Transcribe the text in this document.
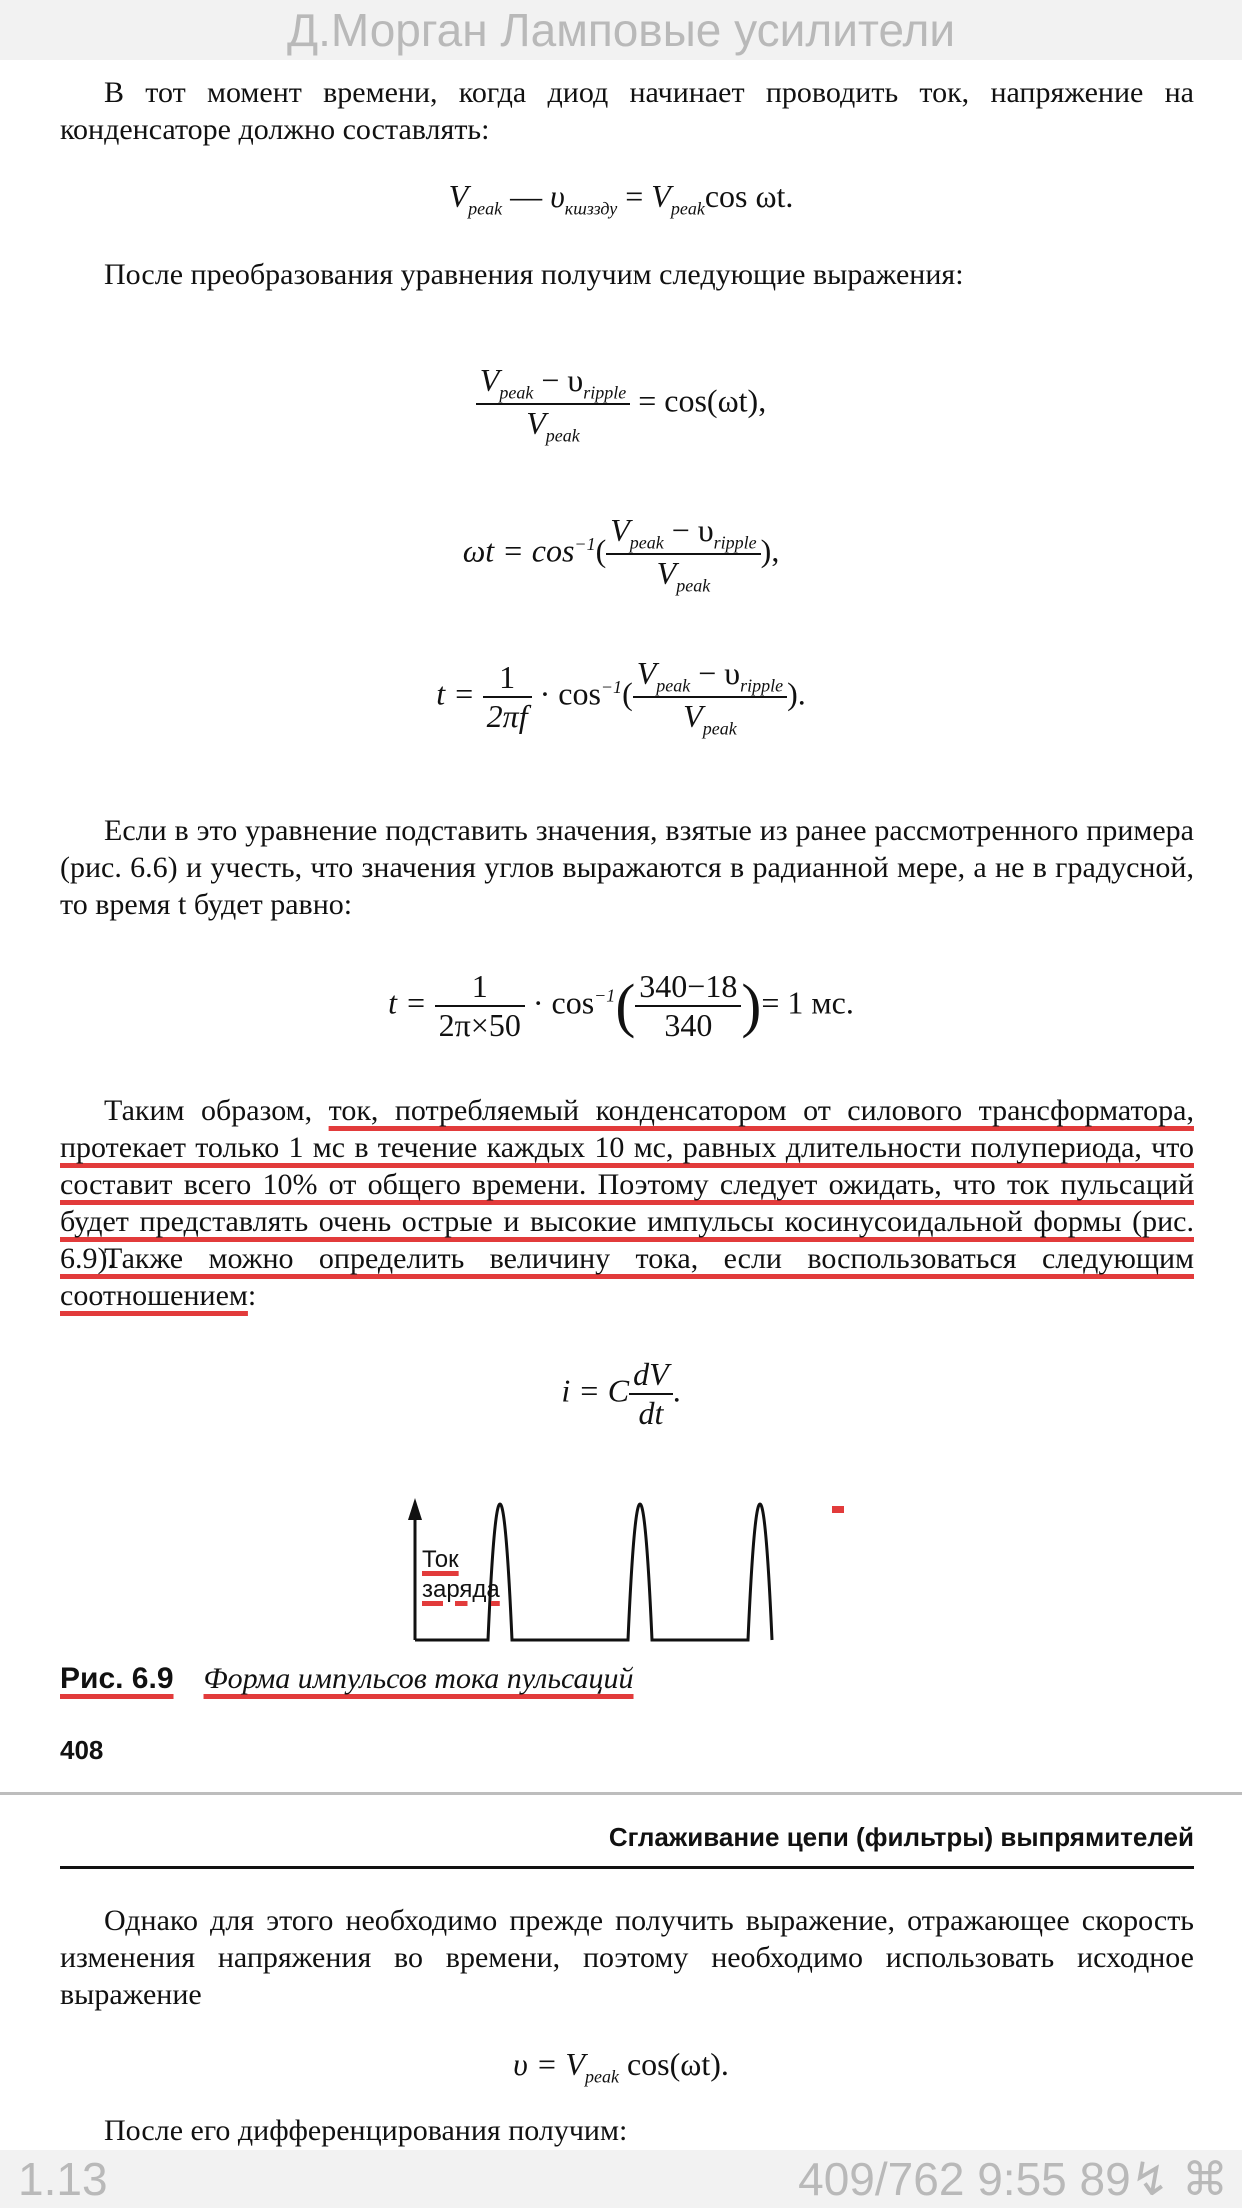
Д.Морган Ламповые усилители

В тот момент времени, когда диод начинает проводить ток, напряжение на конденсаторе должно составлять:

$V_{peak}$ — $\upsilon_{кшззду} = V_{peak}\cos$ ωt.

После преобразования уравнения получим следующие выражения:

$\frac{V_{peak} - \upsilon_{ripple}}{V_{peak}} = \cos(\omega t)$,
$\omega t = \cos^{-1}( \frac{V_{peak} - \upsilon_{ripple}}{V_{peak}}$ ),
$t = \frac{1}{2\pi f} \cdot \cos^{-1}( \frac{V_{peak} - \upsilon_{ripple}}{V_{peak}}$ ).

Если в это уравнение подставить значения, взятые из ранее рассмотренного примера (рис. 6.6) и учесть, что значения углов выражаются в радианной мере, а не в градусной, то время t будет равно:

$t = \frac{1}{2\pi\times 50} \cdot \cos^{-1}( \frac{340-18}{340}$ )= 1 мс.

Таким образом, ток, потребляемый конденсатором от силового трансформатора, протекает только 1 мс в течение каждых 10 мс, равных длительности полупериода, что составит всего 10% от общего времени. Поэтому следует ожидать, что ток пульсаций будет представлять очень острые и высокие импульсы косинусоидальной формы (рис. 6.9).

Также можно определить величину тока, если воспользоваться следующим соотношением:

i = C $\frac{dV}{dt}$ .
Ток
заряда
Рис. 6.9 Форма импульсов тока пульсаций
408
Сглаживание цепи (фильтры) выпрямителей

Однако для этого необходимо прежде получить выражение, отражающее скорость изменения напряжения во времени, поэтому необходимо использовать исходное выражение

$\upsilon = V_{peak}$ cos(ωt).

После его дифференцирования получим:

1.13	409/762 9:55 89↯ ⌘
